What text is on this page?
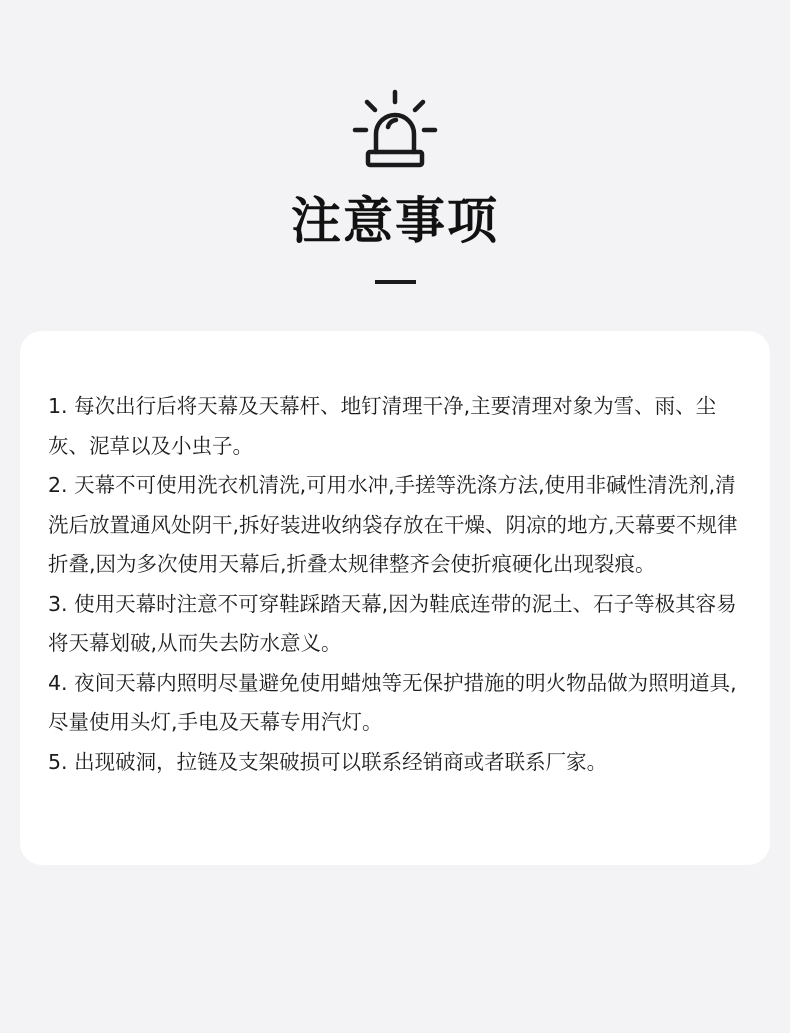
注意事项
1. 每次出行后将天幕及天幕杆、地钉清理干净,主要清理对象为雪、雨、尘灰、泥草以及小虫子。
2. 天幕不可使用洗衣机清洗,可用水冲,手搓等洗涤方法,使用非碱性清洗剂,清洗后放置通风处阴干,拆好装进收纳袋存放在干燥、阴凉的地方,天幕要不规律折叠,因为多次使用天幕后,折叠太规律整齐会使折痕硬化出现裂痕。
3. 使用天幕时注意不可穿鞋踩踏天幕,因为鞋底连带的泥土、石子等极其容易将天幕划破,从而失去防水意义。
4. 夜间天幕内照明尽量避免使用蜡烛等无保护措施的明火物品做为照明道具,尽量使用头灯,手电及天幕专用汽灯。
5. 出现破洞，拉链及支架破损可以联系经销商或者联系厂家。
